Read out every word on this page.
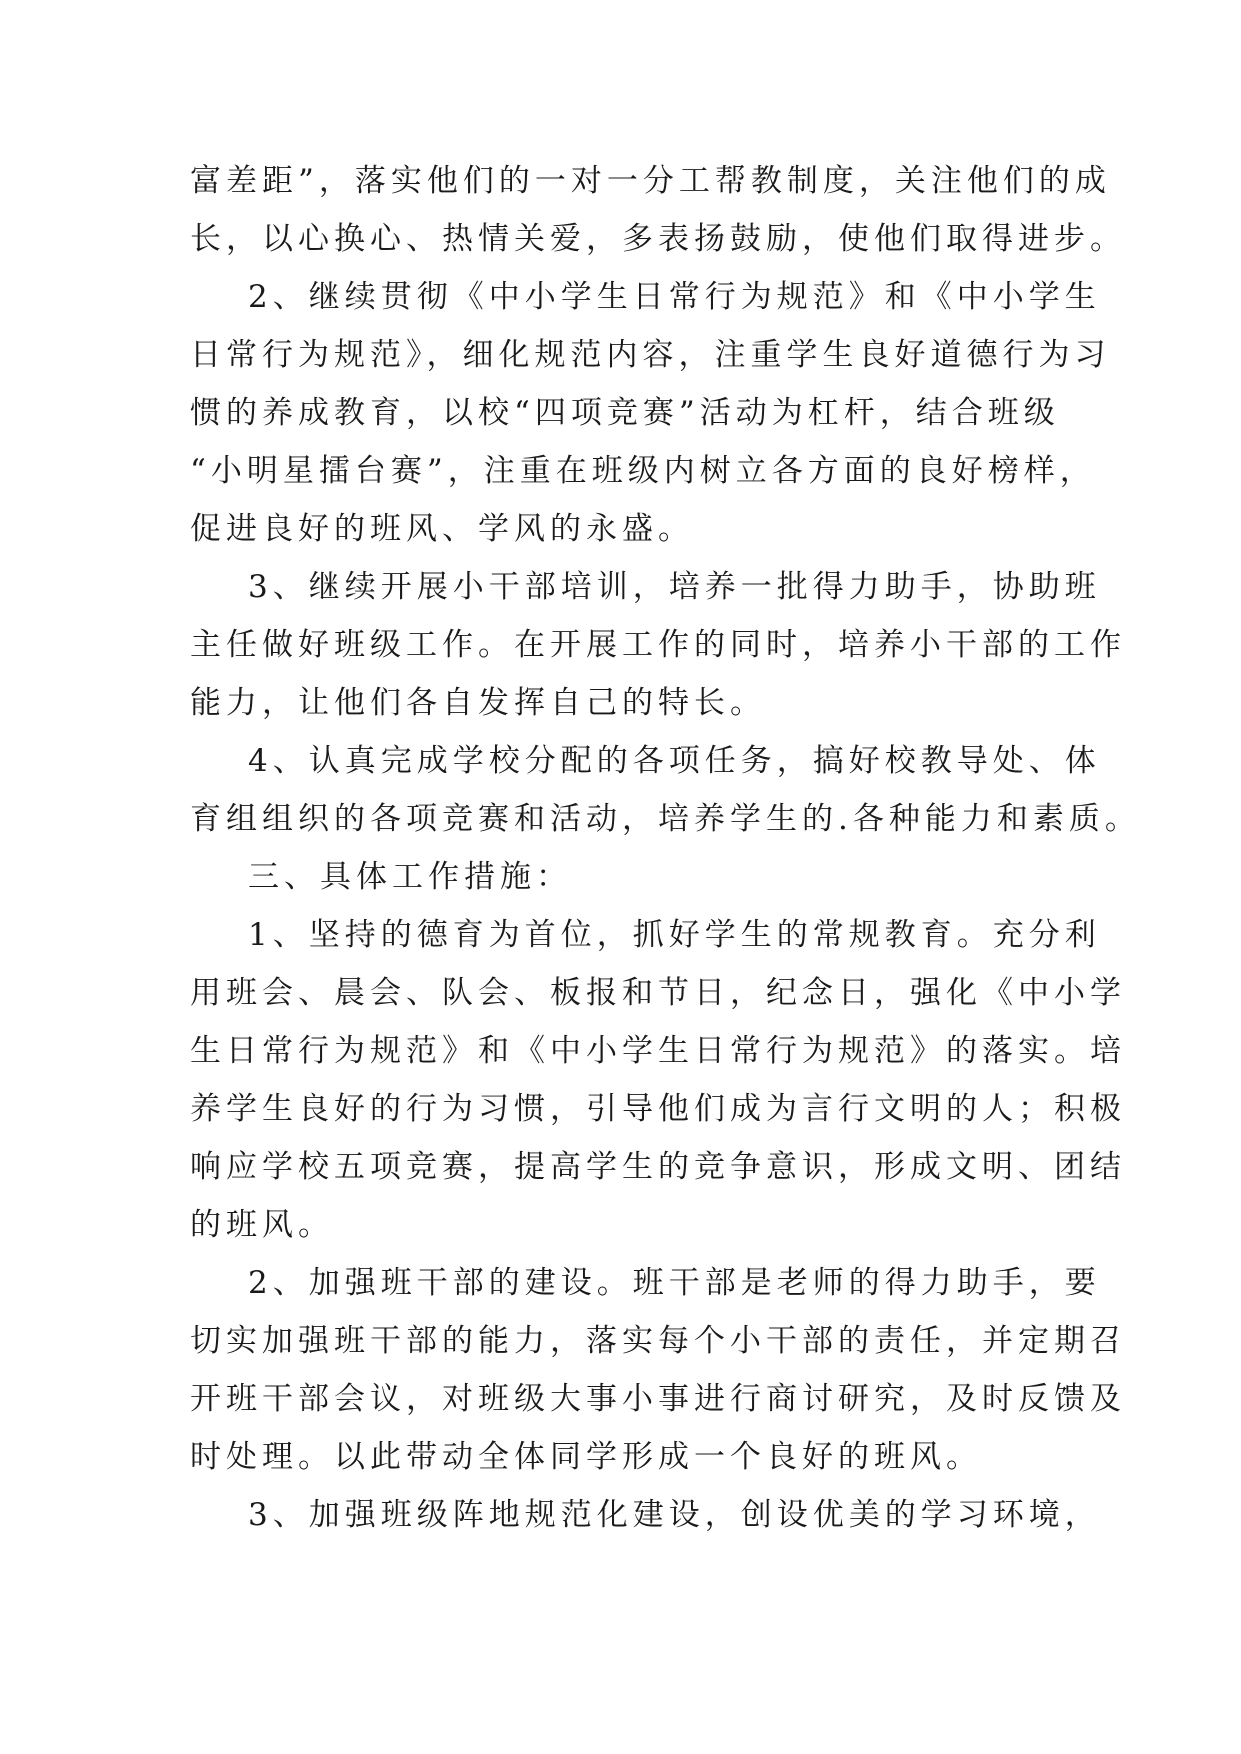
富差距”，落实他们的一对一分工帮教制度，关注他们的成
长，以心换心、热情关爱，多表扬鼓励，使他们取得进步。
2、继续贯彻《中小学生日常行为规范》和《中小学生
日常行为规范》，细化规范内容，注重学生良好道德行为习
惯的养成教育，以校“四项竞赛”活动为杠杆，结合班级
“小明星擂台赛”，注重在班级内树立各方面的良好榜样，
促进良好的班风、学风的永盛。
3、继续开展小干部培训，培养一批得力助手，协助班
主任做好班级工作。在开展工作的同时，培养小干部的工作
能力，让他们各自发挥自己的特长。
4、认真完成学校分配的各项任务，搞好校教导处、体
育组组织的各项竞赛和活动，培养学生的.各种能力和素质。
三、具体工作措施：
1、坚持的德育为首位，抓好学生的常规教育。充分利
用班会、晨会、队会、板报和节日，纪念日，强化《中小学
生日常行为规范》和《中小学生日常行为规范》的落实。培
养学生良好的行为习惯，引导他们成为言行文明的人；积极
响应学校五项竞赛，提高学生的竞争意识，形成文明、团结
的班风。
2、加强班干部的建设。班干部是老师的得力助手，要
切实加强班干部的能力，落实每个小干部的责任，并定期召
开班干部会议，对班级大事小事进行商讨研究，及时反馈及
时处理。以此带动全体同学形成一个良好的班风。
3、加强班级阵地规范化建设，创设优美的学习环境，
